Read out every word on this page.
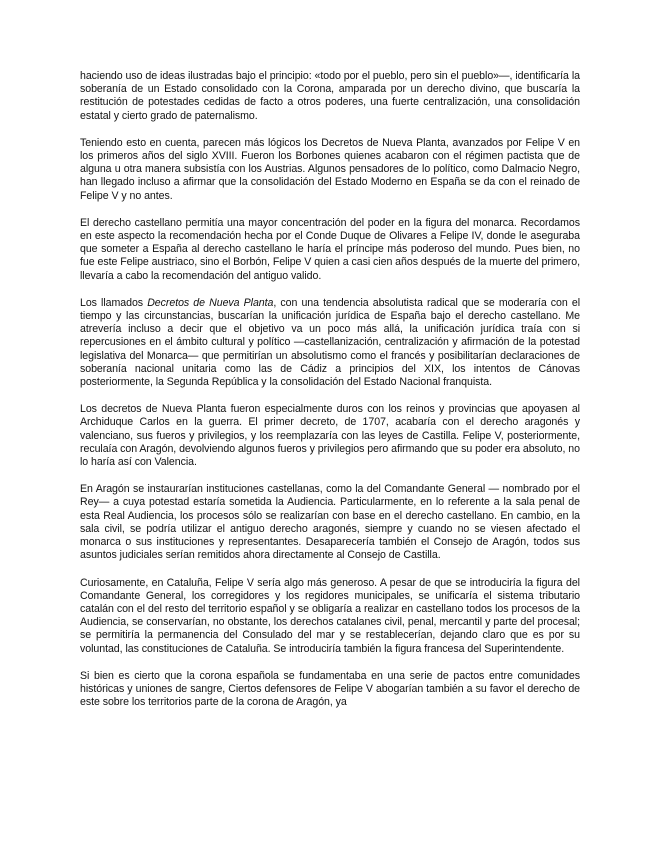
haciendo uso de ideas ilustradas bajo el principio: «todo por el pueblo, pero sin el pueblo»—, identificaría la soberanía de un Estado consolidado con la Corona, amparada por un derecho divino, que buscaría la restitución de potestades cedidas de facto a otros poderes, una fuerte centralización, una consolidación estatal y cierto grado de paternalismo.

Teniendo esto en cuenta, parecen más lógicos los Decretos de Nueva Planta, avanzados por Felipe V en los primeros años del siglo XVIII. Fueron los Borbones quienes acabaron con el régimen pactista que de alguna u otra manera subsistía con los Austrias. Algunos pensadores de lo político, como Dalmacio Negro, han llegado incluso a afirmar que la consolidación del Estado Moderno en España se da con el reinado de Felipe V y no antes.

El derecho castellano permitía una mayor concentración del poder en la figura del monarca. Recordamos en este aspecto la recomendación hecha por el Conde Duque de Olivares a Felipe IV, donde le aseguraba que someter a España al derecho castellano le haría el príncipe más poderoso del mundo. Pues bien, no fue este Felipe austriaco, sino el Borbón, Felipe V quien a casi cien años después de la muerte del primero, llevaría a cabo la recomendación del antiguo valido.

Los llamados Decretos de Nueva Planta, con una tendencia absolutista radical que se moderaría con el tiempo y las circunstancias, buscarían la unificación jurídica de España bajo el derecho castellano. Me atrevería incluso a decir que el objetivo va un poco más allá, la unificación jurídica traía con si repercusiones en el ámbito cultural y político —castellanización, centralización y afirmación de la potestad legislativa del Monarca— que permitirían un absolutismo como el francés y posibilitarían declaraciones de soberanía nacional unitaria como las de Cádiz a principios del XIX, los intentos de Cánovas posteriormente, la Segunda República y la consolidación del Estado Nacional franquista.

Los decretos de Nueva Planta fueron especialmente duros con los reinos y provincias que apoyasen al Archiduque Carlos en la guerra. El primer decreto, de 1707, acabaría con el derecho aragonés y valenciano, sus fueros y privilegios, y los reemplazaría con las leyes de Castilla. Felipe V, posteriormente, reculaía con Aragón, devolviendo algunos fueros y privilegios pero afirmando que su poder era absoluto, no lo haría así con Valencia.

En Aragón se instaurarían instituciones castellanas, como la del Comandante General — nombrado por el Rey— a cuya potestad estaría sometida la Audiencia. Particularmente, en lo referente a la sala penal de esta Real Audiencia, los procesos sólo se realizarían con base en el derecho castellano. En cambio, en la sala civil, se podría utilizar el antiguo derecho aragonés, siempre y cuando no se viesen afectado el monarca o sus instituciones y representantes. Desaparecería también el Consejo de Aragón, todos sus asuntos judiciales serían remitidos ahora directamente al Consejo de Castilla.

Curiosamente, en Cataluña, Felipe V sería algo más generoso. A pesar de que se introduciría la figura del Comandante General, los corregidores y los regidores municipales, se unificaría el sistema tributario catalán con el del resto del territorio español y se obligaría a realizar en castellano todos los procesos de la Audiencia, se conservarían, no obstante, los derechos catalanes civil, penal, mercantil y parte del procesal; se permitiría la permanencia del Consulado del mar y se restablecerían, dejando claro que es por su voluntad, las constituciones de Cataluña. Se introduciría también la figura francesa del Superintendente.

Si bien es cierto que la corona española se fundamentaba en una serie de pactos entre comunidades históricas y uniones de sangre, Ciertos defensores de Felipe V abogarían también a su favor el derecho de este sobre los territorios parte de la corona de Aragón, ya
